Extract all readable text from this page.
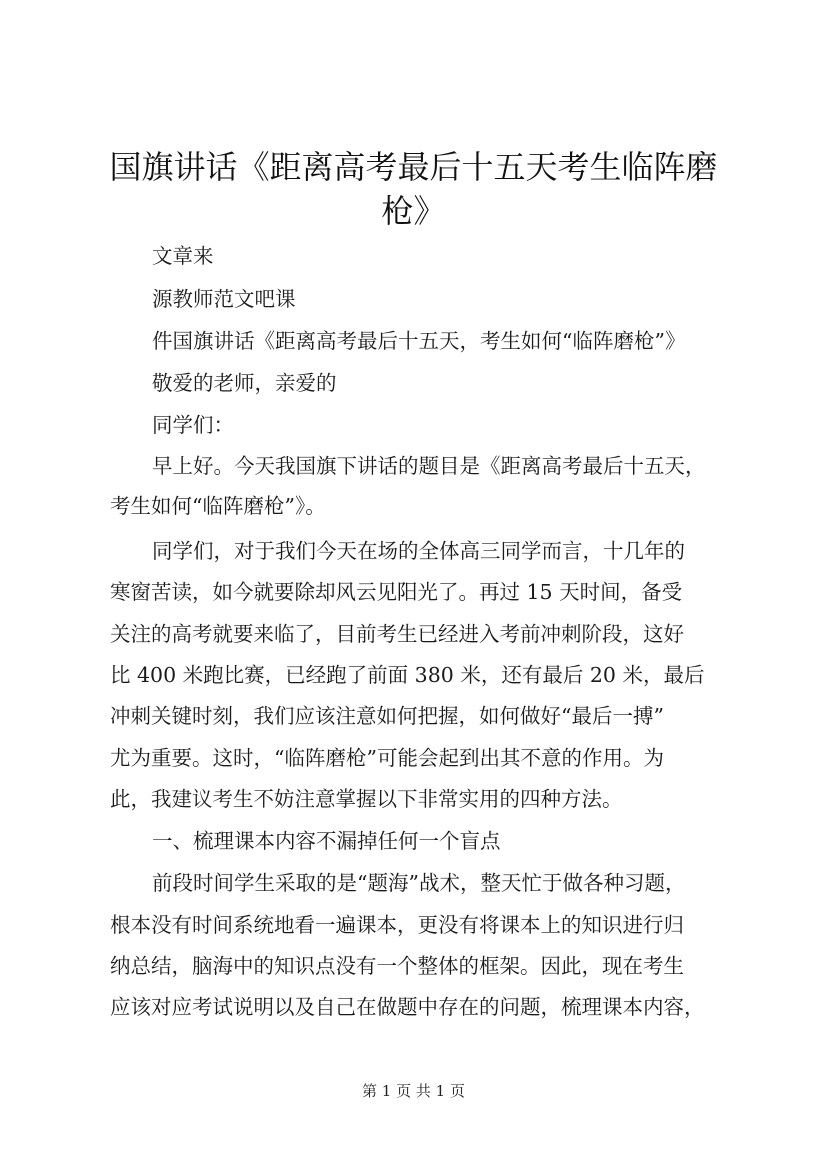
国旗讲话《距离高考最后十五天考生临阵磨
枪》
文章来
源教师范文吧课
件国旗讲话《距离高考最后十五天，考生如何“临阵磨枪”》
敬爱的老师，亲爱的
同学们：
早上好。今天我国旗下讲话的题目是《距离高考最后十五天，
考生如何“临阵磨枪”》。
同学们，对于我们今天在场的全体高三同学而言，十几年的
寒窗苦读，如今就要除却风云见阳光了。再过 15 天时间，备受
关注的高考就要来临了，目前考生已经进入考前冲刺阶段，这好
比 400 米跑比赛，已经跑了前面 380 米，还有最后 20 米，最后
冲刺关键时刻，我们应该注意如何把握，如何做好“最后一搏”
尤为重要。这时，“临阵磨枪”可能会起到出其不意的作用。为
此，我建议考生不妨注意掌握以下非常实用的四种方法。
一、梳理课本内容不漏掉任何一个盲点
前段时间学生采取的是“题海”战术，整天忙于做各种习题，
根本没有时间系统地看一遍课本，更没有将课本上的知识进行归
纳总结，脑海中的知识点没有一个整体的框架。因此，现在考生
应该对应考试说明以及自己在做题中存在的问题，梳理课本内容，
第 1 页 共 1 页
